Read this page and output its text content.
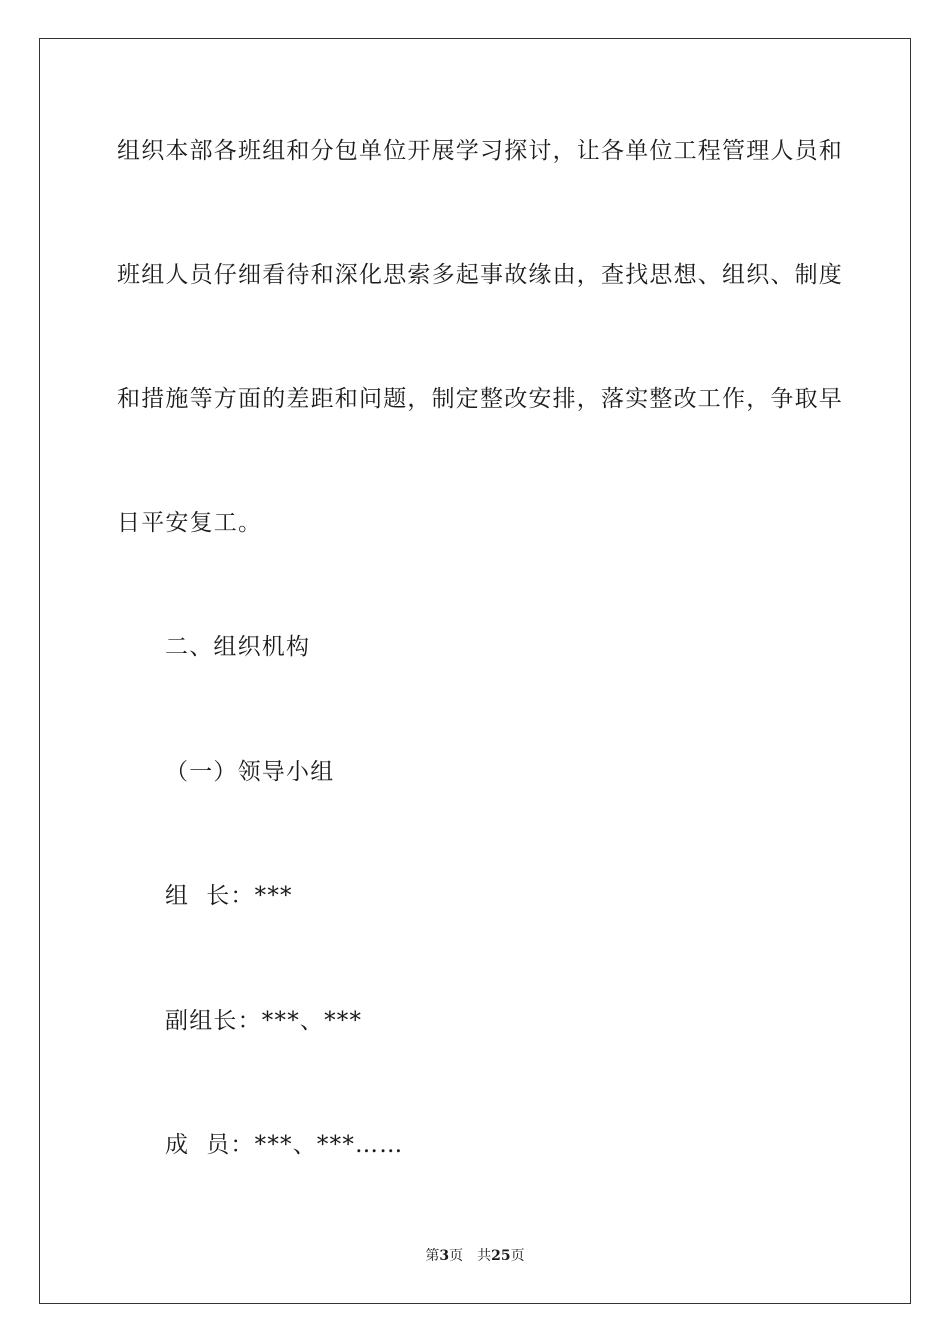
组织本部各班组和分包单位开展学习探讨，让各单位工程管理人员和
班组人员仔细看待和深化思索多起事故缘由，查找思想、组织、制度
和措施等方面的差距和问题，制定整改安排，落实整改工作，争取早
日平安复工。
二、组织机构
（一）领导小组
组  长：***
副组长：***、***
成  员：***、***……
第3页 共25页
